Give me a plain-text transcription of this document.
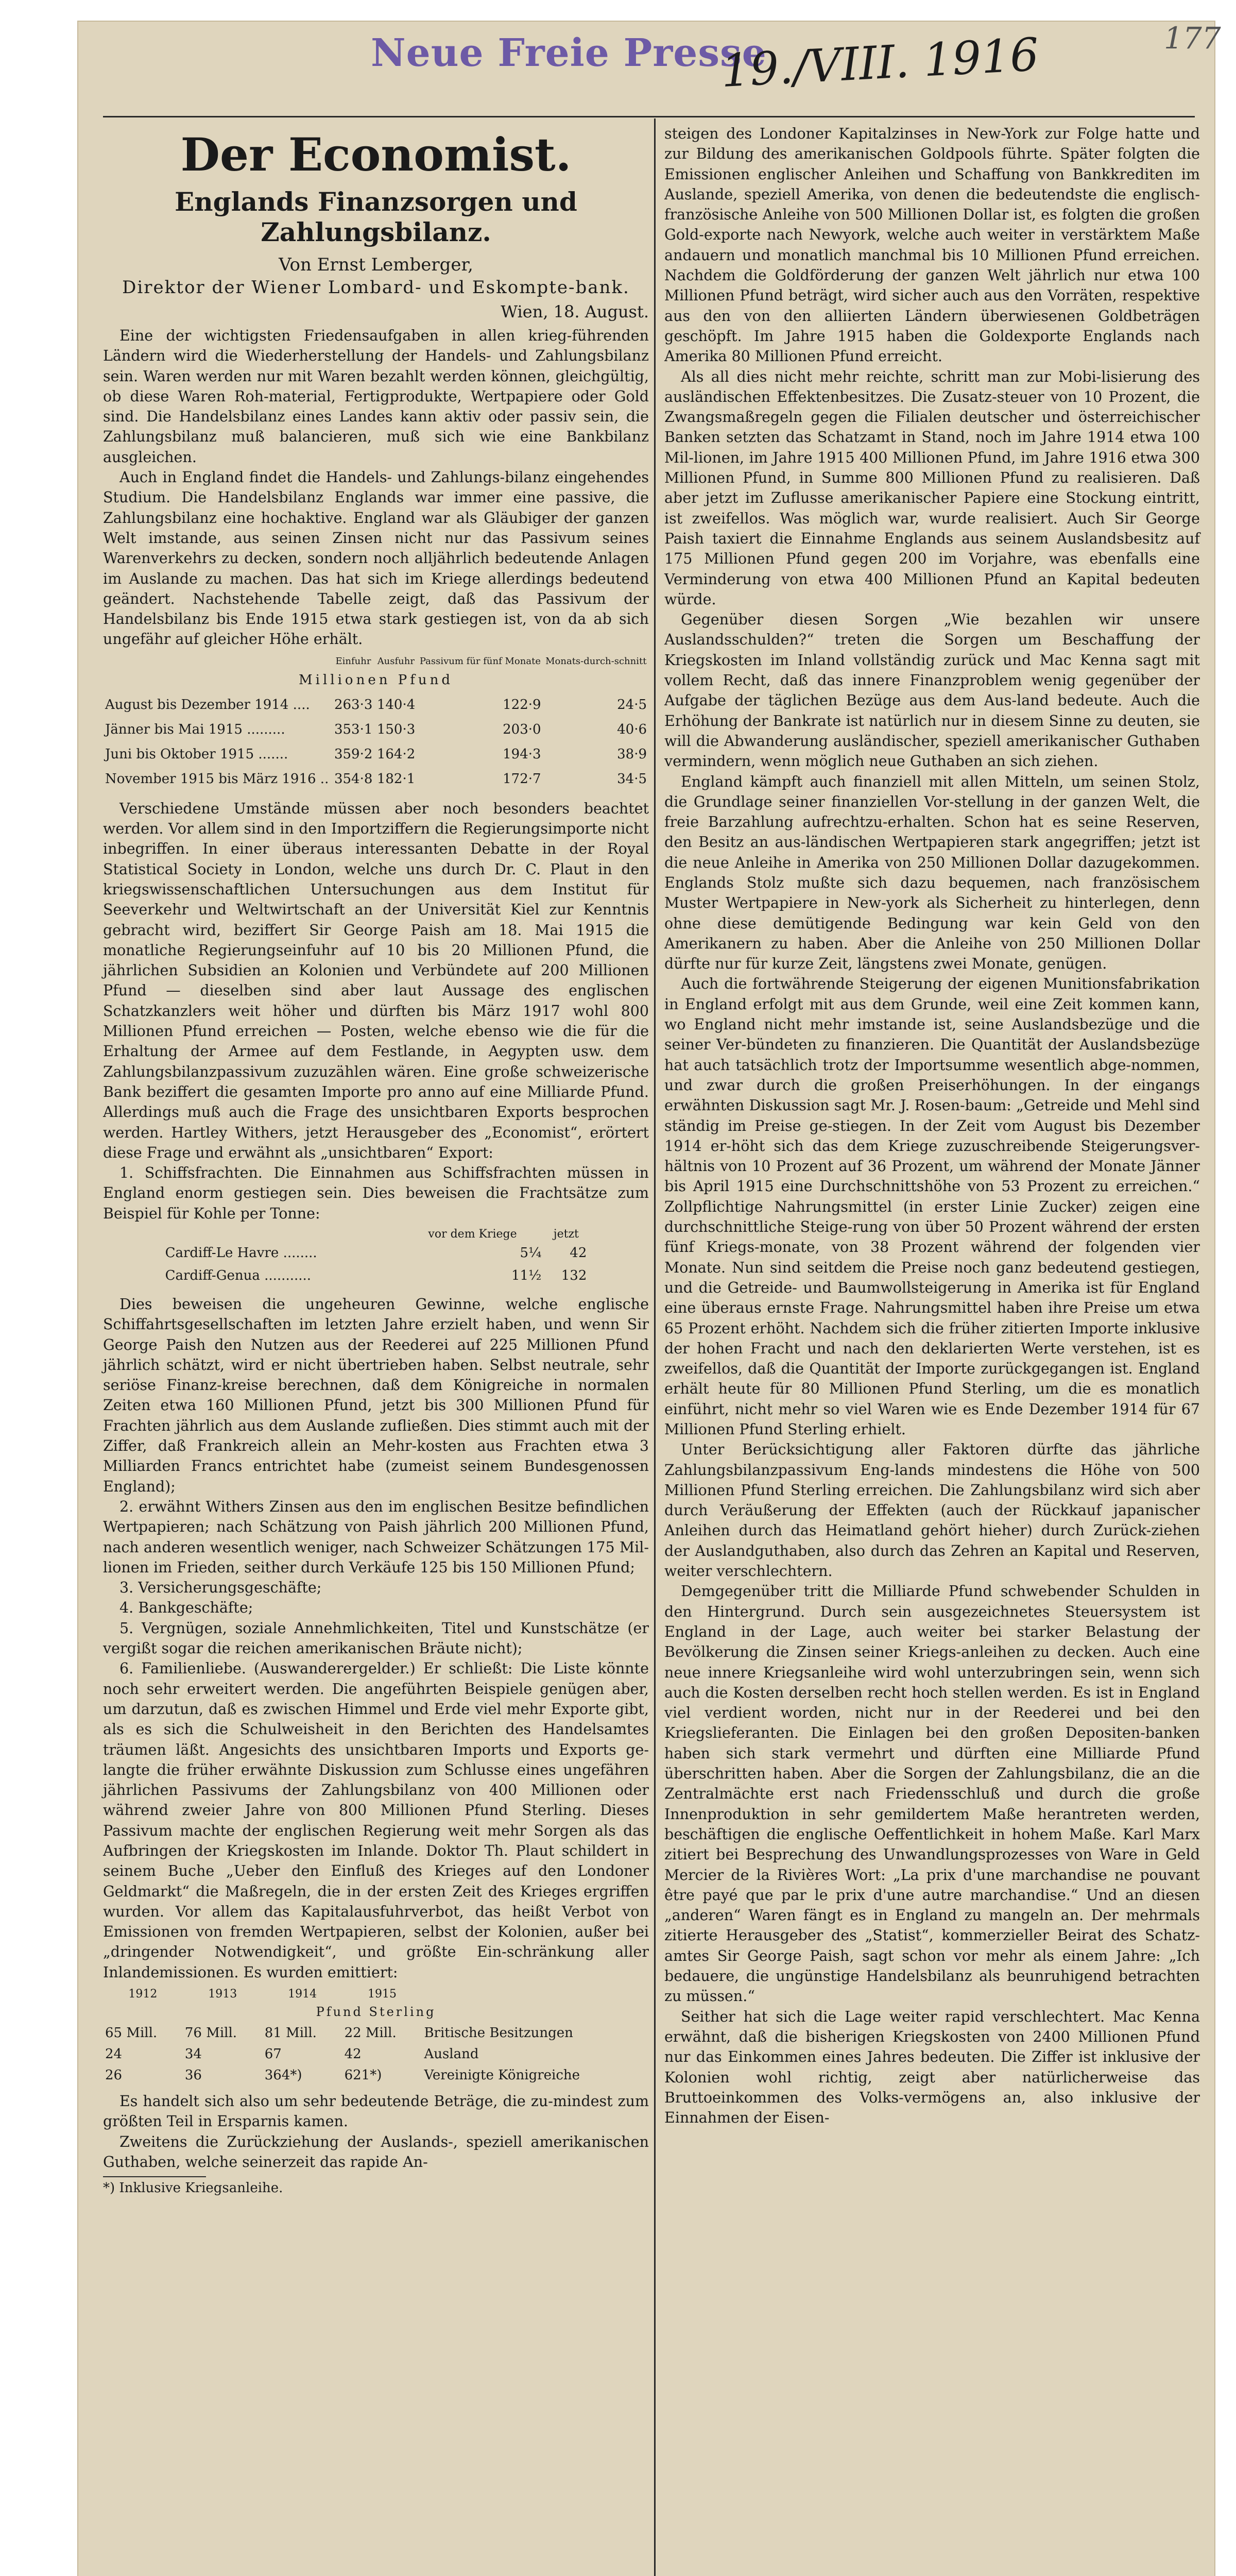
Neue Freie Presse
19./VIII. 1916	177
Der Economist.
Englands Finanzsorgen und Zahlungsbilanz.
Von Ernst Lemberger,
Direktor der Wiener Lombard- und Eskompte-bank.
Wien, 18. August.

Eine der wichtigsten Friedensaufgaben in allen krieg-führenden Ländern wird die Wiederherstellung der Handels- und Zahlungsbilanz sein. Waren werden nur mit Waren bezahlt werden können, gleichgültig, ob diese Waren Roh-material, Fertigprodukte, Wertpapiere oder Gold sind. Die Handelsbilanz eines Landes kann aktiv oder passiv sein, die Zahlungsbilanz muß balancieren, muß sich wie eine Bankbilanz ausgleichen.

Auch in England findet die Handels- und Zahlungs-bilanz eingehendes Studium. Die Handelsbilanz Englands war immer eine passive, die Zahlungsbilanz eine hochaktive. England war als Gläubiger der ganzen Welt imstande, aus seinen Zinsen nicht nur das Passivum seines Warenverkehrs zu decken, sondern noch alljährlich bedeutende Anlagen im Auslande zu machen. Das hat sich im Kriege allerdings bedeutend geändert. Nachstehende Tabelle zeigt, daß das Passivum der Handelsbilanz bis Ende 1915 etwa stark gestiegen ist, von da ab sich ungefähr auf gleicher Höhe erhält.

	Einfuhr	Ausfuhr	Passivum für fünf Monate	Monats-durch-schnitt
Millionen Pfund				
August bis Dezember 1914 ....	263·3	140·4	122·9	24·5
Jänner bis Mai 1915 .........	353·1	150·3	203·0	40·6
Juni bis Oktober 1915 .......	359·2	164·2	194·3	38·9
November 1915 bis März 1916 ..	354·8	182·1	172·7	34·5

Verschiedene Umstände müssen aber noch besonders beachtet werden. Vor allem sind in den Importziffern die Regierungsimporte nicht inbegriffen. In einer überaus interessanten Debatte in der Royal Statistical Society in London, welche uns durch Dr. C. Plaut in den kriegswissenschaftlichen Untersuchungen aus dem Institut für Seeverkehr und Weltwirtschaft an der Universität Kiel zur Kenntnis gebracht wird, beziffert Sir George Paish am 18. Mai 1915 die monatliche Regierungseinfuhr auf 10 bis 20 Millionen Pfund, die jährlichen Subsidien an Kolonien und Verbündete auf 200 Millionen Pfund — dieselben sind aber laut Aussage des englischen Schatzkanzlers weit höher und dürften bis März 1917 wohl 800 Millionen Pfund erreichen — Posten, welche ebenso wie die für die Erhaltung der Armee auf dem Festlande, in Aegypten usw. dem Zahlungsbilanzpassivum zuzuzählen wären. Eine große schweizerische Bank beziffert die gesamten Importe pro anno auf eine Milliarde Pfund. Allerdings muß auch die Frage des unsichtbaren Exports besprochen werden. Hartley Withers, jetzt Herausgeber des „Economist“, erörtert diese Frage und erwähnt als „unsichtbaren“ Export:

1. Schiffsfrachten. Die Einnahmen aus Schiffsfrachten müssen in England enorm gestiegen sein. Dies beweisen die Frachtsätze zum Beispiel für Kohle per Tonne:

	vor dem Kriege	jetzt
Cardiff-Le Havre ........	5¼	42
Cardiff-Genua ...........	11½	132

Dies beweisen die ungeheuren Gewinne, welche englische Schiffahrtsgesellschaften im letzten Jahre erzielt haben, und wenn Sir George Paish den Nutzen aus der Reederei auf 225 Millionen Pfund jährlich schätzt, wird er nicht übertrieben haben. Selbst neutrale, sehr seriöse Finanz-kreise berechnen, daß dem Königreiche in normalen Zeiten etwa 160 Millionen Pfund, jetzt bis 300 Millionen Pfund für Frachten jährlich aus dem Auslande zufließen. Dies stimmt auch mit der Ziffer, daß Frankreich allein an Mehr-kosten aus Frachten etwa 3 Milliarden Francs entrichtet habe (zumeist seinem Bundesgenossen England);

2. erwähnt Withers Zinsen aus den im englischen Besitze befindlichen Wertpapieren; nach Schätzung von Paish jährlich 200 Millionen Pfund, nach anderen wesentlich weniger, nach Schweizer Schätzungen 175 Mil-lionen im Frieden, seither durch Verkäufe 125 bis 150 Millionen Pfund;

3. Versicherungsgeschäfte;

4. Bankgeschäfte;

5. Vergnügen, soziale Annehmlichkeiten, Titel und Kunstschätze (er vergißt sogar die reichen amerikanischen Bräute nicht);

6. Familienliebe. (Auswanderergelder.) Er schließt: Die Liste könnte noch sehr erweitert werden. Die angeführten Beispiele genügen aber, um darzutun, daß es zwischen Himmel und Erde viel mehr Exporte gibt, als es sich die Schulweisheit in den Berichten des Handelsamtes träumen läßt. Angesichts des unsichtbaren Imports und Exports ge-langte die früher erwähnte Diskussion zum Schlusse eines ungefähren jährlichen Passivums der Zahlungsbilanz von 400 Millionen oder während zweier Jahre von 800 Millionen Pfund Sterling. Dieses Passivum machte der englischen Regierung weit mehr Sorgen als das Aufbringen der Kriegskosten im Inlande. Doktor Th. Plaut schildert in seinem Buche „Ueber den Einfluß des Krieges auf den Londoner Geldmarkt“ die Maßregeln, die in der ersten Zeit des Krieges ergriffen wurden. Vor allem das Kapitalausfuhrverbot, das heißt Verbot von Emissionen von fremden Wertpapieren, selbst der Kolonien, außer bei „dringender Notwendigkeit“, und größte Ein-schränkung aller Inlandemissionen. Es wurden emittiert:

1912	1913	1914	1915	
Pfund Sterling				
65 Mill.	76 Mill.	81 Mill.	22 Mill.	Britische Besitzungen
24	34	67	42	Ausland
26	36	364*)	621*)	Vereinigte Königreiche

Es handelt sich also um sehr bedeutende Beträge, die zu-mindest zum größten Teil in Ersparnis kamen.

Zweitens die Zurückziehung der Auslands-, speziell amerikanischen Guthaben, welche seinerzeit das rapide An-

*) Inklusive Kriegsanleihe.

steigen des Londoner Kapitalzinses in New-York zur Folge hatte und zur Bildung des amerikanischen Goldpools führte. Später folgten die Emissionen englischer Anleihen und Schaffung von Bankkrediten im Auslande, speziell Amerika, von denen die bedeutendste die englisch-französische Anleihe von 500 Millionen Dollar ist, es folgten die großen Gold-exporte nach Newyork, welche auch weiter in verstärktem Maße andauern und monatlich manchmal bis 10 Millionen Pfund erreichen. Nachdem die Goldförderung der ganzen Welt jährlich nur etwa 100 Millionen Pfund beträgt, wird sicher auch aus den Vorräten, respektive aus den von den alliierten Ländern überwiesenen Goldbeträgen geschöpft. Im Jahre 1915 haben die Goldexporte Englands nach Amerika 80 Millionen Pfund erreicht.

Als all dies nicht mehr reichte, schritt man zur Mobi-lisierung des ausländischen Effektenbesitzes. Die Zusatz-steuer von 10 Prozent, die Zwangsmaßregeln gegen die Filialen deutscher und österreichischer Banken setzten das Schatzamt in Stand, noch im Jahre 1914 etwa 100 Mil-lionen, im Jahre 1915 400 Millionen Pfund, im Jahre 1916 etwa 300 Millionen Pfund, in Summe 800 Millionen Pfund zu realisieren. Daß aber jetzt im Zuflusse amerikanischer Papiere eine Stockung eintritt, ist zweifellos. Was möglich war, wurde realisiert. Auch Sir George Paish taxiert die Einnahme Englands aus seinem Auslandsbesitz auf 175 Millionen Pfund gegen 200 im Vorjahre, was ebenfalls eine Verminderung von etwa 400 Millionen Pfund an Kapital bedeuten würde.

Gegenüber diesen Sorgen „Wie bezahlen wir unsere Auslandsschulden?“ treten die Sorgen um Beschaffung der Kriegskosten im Inland vollständig zurück und Mac Kenna sagt mit vollem Recht, daß das innere Finanzproblem wenig gegenüber der Aufgabe der täglichen Bezüge aus dem Aus-land bedeute. Auch die Erhöhung der Bankrate ist natürlich nur in diesem Sinne zu deuten, sie will die Abwanderung ausländischer, speziell amerikanischer Guthaben vermindern, wenn möglich neue Guthaben an sich ziehen.

England kämpft auch finanziell mit allen Mitteln, um seinen Stolz, die Grundlage seiner finanziellen Vor-stellung in der ganzen Welt, die freie Barzahlung aufrechtzu-erhalten. Schon hat es seine Reserven, den Besitz an aus-ländischen Wertpapieren stark angegriffen; jetzt ist die neue Anleihe in Amerika von 250 Millionen Dollar dazugekommen. Englands Stolz mußte sich dazu bequemen, nach französischem Muster Wertpapiere in New-york als Sicherheit zu hinterlegen, denn ohne diese demütigende Bedingung war kein Geld von den Amerikanern zu haben. Aber die Anleihe von 250 Millionen Dollar dürfte nur für kurze Zeit, längstens zwei Monate, genügen.

Auch die fortwährende Steigerung der eigenen Munitionsfabrikation in England erfolgt mit aus dem Grunde, weil eine Zeit kommen kann, wo England nicht mehr imstande ist, seine Auslandsbezüge und die seiner Ver-bündeten zu finanzieren. Die Quantität der Auslandsbezüge hat auch tatsächlich trotz der Importsumme wesentlich abge-nommen, und zwar durch die großen Preiserhöhungen. In der eingangs erwähnten Diskussion sagt Mr. J. Rosen-baum: „Getreide und Mehl sind ständig im Preise ge-stiegen. In der Zeit vom August bis Dezember 1914 er-höht sich das dem Kriege zuzuschreibende Steigerungsver-hältnis von 10 Prozent auf 36 Prozent, um während der Monate Jänner bis April 1915 eine Durchschnittshöhe von 53 Prozent zu erreichen.“ Zollpflichtige Nahrungsmittel (in erster Linie Zucker) zeigen eine durchschnittliche Steige-rung von über 50 Prozent während der ersten fünf Kriegs-monate, von 38 Prozent während der folgenden vier Monate. Nun sind seitdem die Preise noch ganz bedeutend gestiegen, und die Getreide- und Baumwollsteigerung in Amerika ist für England eine überaus ernste Frage. Nahrungsmittel haben ihre Preise um etwa 65 Prozent erhöht. Nachdem sich die früher zitierten Importe inklusive der hohen Fracht und nach den deklarierten Werte verstehen, ist es zweifellos, daß die Quantität der Importe zurückgegangen ist. England erhält heute für 80 Millionen Pfund Sterling, um die es monatlich einführt, nicht mehr so viel Waren wie es Ende Dezember 1914 für 67 Millionen Pfund Sterling erhielt.

Unter Berücksichtigung aller Faktoren dürfte das jährliche Zahlungsbilanzpassivum Eng-lands mindestens die Höhe von 500 Millionen Pfund Sterling erreichen. Die Zahlungsbilanz wird sich aber durch Veräußerung der Effekten (auch der Rückkauf japanischer Anleihen durch das Heimatland gehört hieher) durch Zurück-ziehen der Auslandguthaben, also durch das Zehren an Kapital und Reserven, weiter verschlechtern.

Demgegenüber tritt die Milliarde Pfund schwebender Schulden in den Hintergrund. Durch sein ausgezeichnetes Steuersystem ist England in der Lage, auch weiter bei starker Belastung der Bevölkerung die Zinsen seiner Kriegs-anleihen zu decken. Auch eine neue innere Kriegsanleihe wird wohl unterzubringen sein, wenn sich auch die Kosten derselben recht hoch stellen werden. Es ist in England viel verdient worden, nicht nur in der Reederei und bei den Kriegslieferanten. Die Einlagen bei den großen Depositen-banken haben sich stark vermehrt und dürften eine Milliarde Pfund überschritten haben. Aber die Sorgen der Zahlungsbilanz, die an die Zentralmächte erst nach Friedensschluß und durch die große Innenproduktion in sehr gemildertem Maße herantreten werden, beschäftigen die englische Oeffentlichkeit in hohem Maße. Karl Marx zitiert bei Besprechung des Unwandlungsprozesses von Ware in Geld Mercier de la Rivières Wort: „La prix d'une marchandise ne pouvant être payé que par le prix d'une autre marchandise.“ Und an diesen „anderen“ Waren fängt es in England zu mangeln an. Der mehrmals zitierte Herausgeber des „Statist“, kommerzieller Beirat des Schatz-amtes Sir George Paish, sagt schon vor mehr als einem Jahre: „Ich bedauere, die ungünstige Handelsbilanz als beunruhigend betrachten zu müssen.“

Seither hat sich die Lage weiter rapid verschlechtert. Mac Kenna erwähnt, daß die bisherigen Kriegskosten von 2400 Millionen Pfund nur das Einkommen eines Jahres bedeuten. Die Ziffer ist inklusive der Kolonien wohl richtig, zeigt aber natürlicherweise das Bruttoeinkommen des Volks-vermögens an, also inklusive der Einnahmen der Eisen-
